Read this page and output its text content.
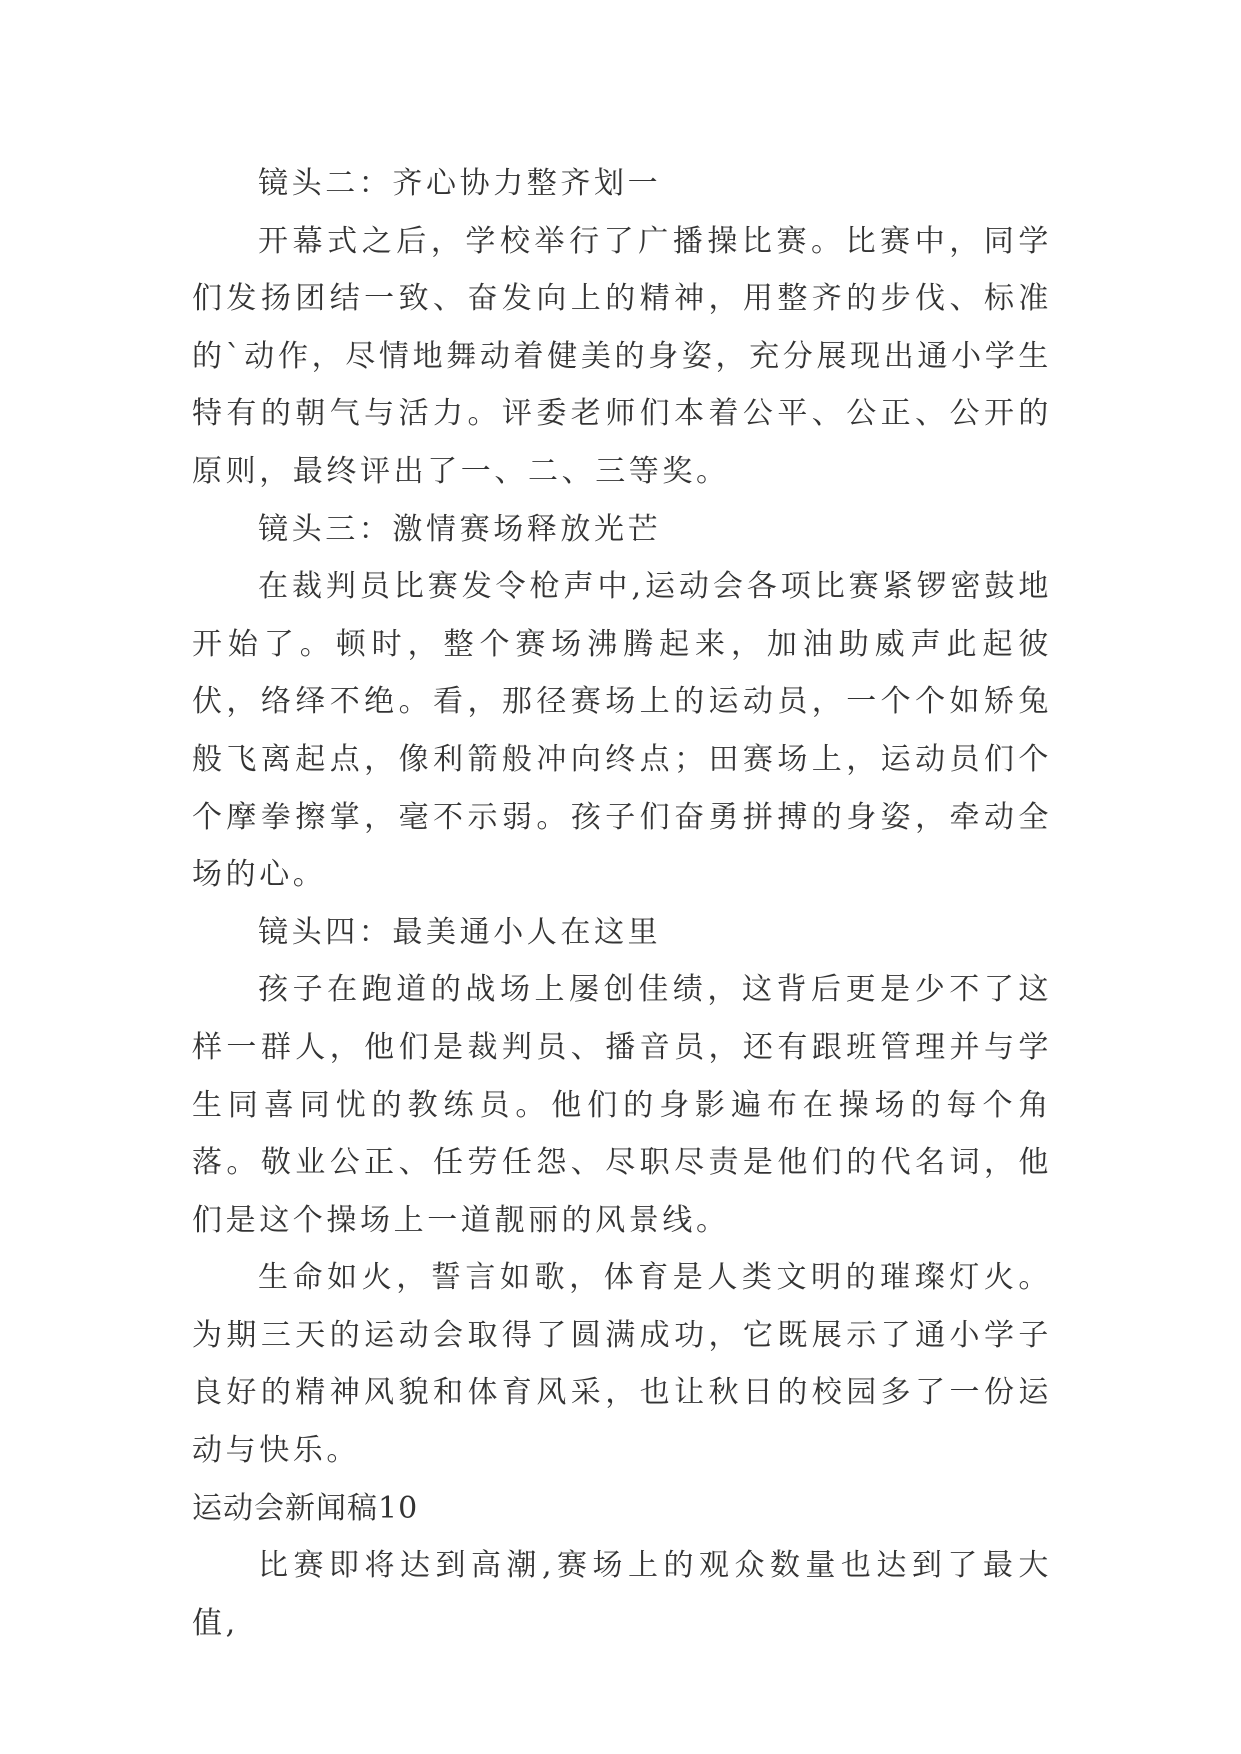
镜头二：齐心协力整齐划一

开幕式之后，学校举行了广播操比赛。比赛中，同学们发扬团结一致、奋发向上的精神，用整齐的步伐、标准的`动作，尽情地舞动着健美的身姿，充分展现出通小学生特有的朝气与活力。评委老师们本着公平、公正、公开的原则，最终评出了一、二、三等奖。

镜头三：激情赛场释放光芒

在裁判员比赛发令枪声中,运动会各项比赛紧锣密鼓地开始了。顿时，整个赛场沸腾起来，加油助威声此起彼伏，络绎不绝。看，那径赛场上的运动员，一个个如矫兔般飞离起点，像利箭般冲向终点；田赛场上，运动员们个个摩拳擦掌，毫不示弱。孩子们奋勇拼搏的身姿，牵动全场的心。

镜头四：最美通小人在这里

孩子在跑道的战场上屡创佳绩，这背后更是少不了这样一群人，他们是裁判员、播音员，还有跟班管理并与学生同喜同忧的教练员。他们的身影遍布在操场的每个角落。敬业公正、任劳任怨、尽职尽责是他们的代名词，他们是这个操场上一道靓丽的风景线。

生命如火，誓言如歌，体育是人类文明的璀璨灯火。为期三天的运动会取得了圆满成功，它既展示了通小学子良好的精神风貌和体育风采，也让秋日的校园多了一份运动与快乐。

运动会新闻稿10

比赛即将达到高潮,赛场上的观众数量也达到了最大值,
